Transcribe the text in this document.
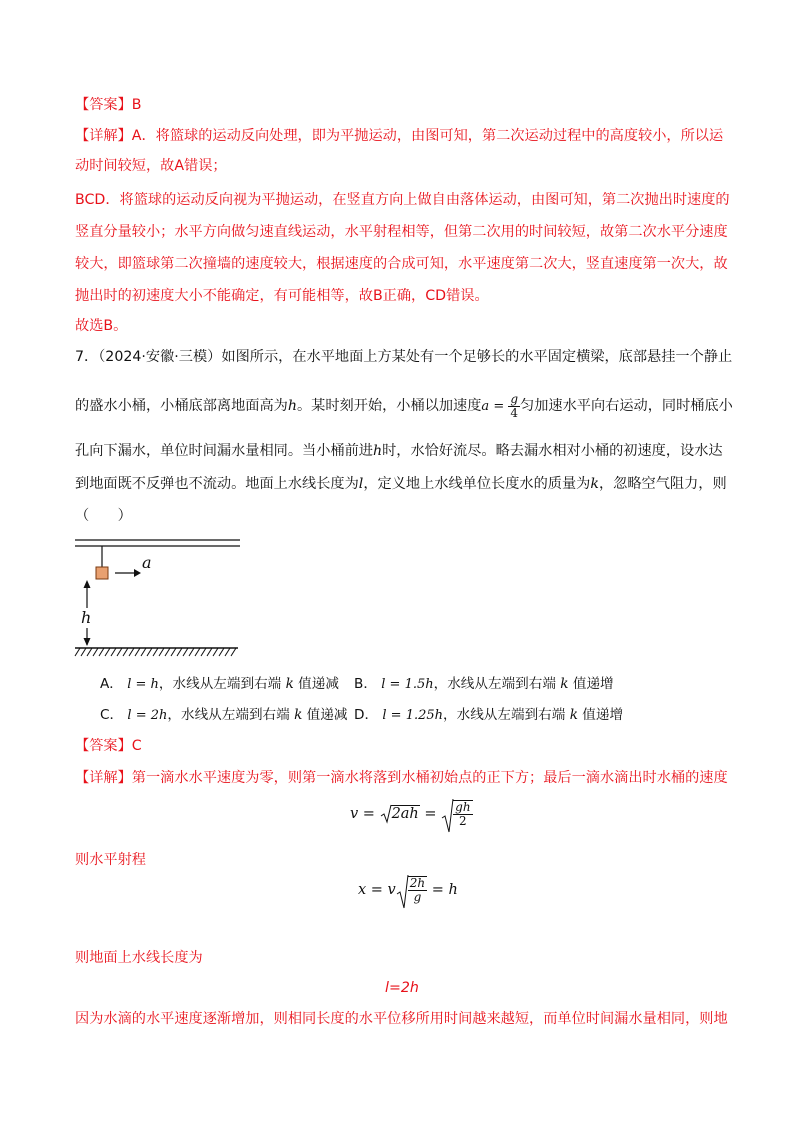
【答案】B
【详解】A．将篮球的运动反向处理，即为平抛运动，由图可知，第二次运动过程中的高度较小，所以运
动时间较短，故A错误；
BCD．将篮球的运动反向视为平抛运动，在竖直方向上做自由落体运动，由图可知，第二次抛出时速度的
竖直分量较小；水平方向做匀速直线运动，水平射程相等，但第二次用的时间较短，故第二次水平分速度
较大，即篮球第二次撞墙的速度较大，根据速度的合成可知，水平速度第二次大，竖直速度第一次大，故
抛出时的初速度大小不能确定，有可能相等，故B正确，CD错误。
故选B。
7．（2024·安徽·三模）如图所示，在水平地面上方某处有一个足够长的水平固定横梁，底部悬挂一个静止
的盛水小桶，小桶底部离地面高为h。某时刻开始，小桶以加速度$a = \frac{g}{4}$ 匀加速水平向右运动，同时桶底小
孔向下漏水，单位时间漏水量相同。当小桶前进h时，水恰好流尽。略去漏水相对小桶的初速度，设水达
到地面既不反弹也不流动。地面上水线长度为l，定义地上水线单位长度水的质量为k，忽略空气阻力，则
（　　）
a
h
A． l = h，水线从左端到右端 k 值递减 B． l = 1.5h，水线从左端到右端 k 值递增
C． l = 2h，水线从左端到右端 k 值递减 D． l = 1.25h，水线从左端到右端 k 值递增
【答案】C
【详解】第一滴水水平速度为零，则第一滴水将落到水桶初始点的正下方；最后一滴水滴出时水桶的速度
v =
$2ah = \frac{gh}{2}$
则水平射程
x = v $\frac{2h}{g} = h$
则地面上水线长度为
l=2h
因为水滴的水平速度逐渐增加，则相同长度的水平位移所用时间越来越短，而单位时间漏水量相同，则地
